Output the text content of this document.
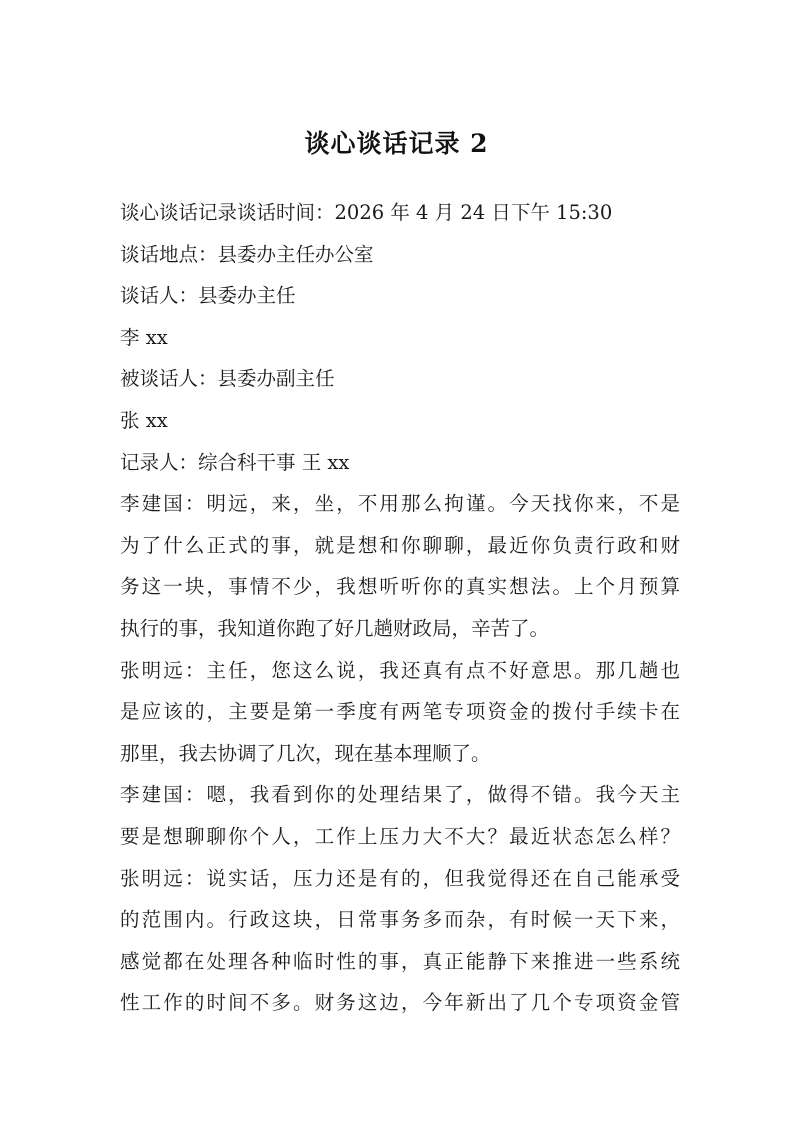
谈心谈话记录 2
谈心谈话记录谈话时间：2026 年 4 月 24 日下午 15:30
谈话地点：县委办主任办公室
谈话人：县委办主任
李 xx
被谈话人：县委办副主任
张 xx
记录人：综合科干事 王 xx
李建国：明远，来，坐，不用那么拘谨。今天找你来，不是
为了什么正式的事，就是想和你聊聊，最近你负责行政和财
务这一块，事情不少，我想听听你的真实想法。上个月预算
执行的事，我知道你跑了好几趟财政局，辛苦了。
张明远：主任，您这么说，我还真有点不好意思。那几趟也
是应该的，主要是第一季度有两笔专项资金的拨付手续卡在
那里，我去协调了几次，现在基本理顺了。
李建国：嗯，我看到你的处理结果了，做得不错。我今天主
要是想聊聊你个人，工作上压力大不大？最近状态怎么样？
张明远：说实话，压力还是有的，但我觉得还在自己能承受
的范围内。行政这块，日常事务多而杂，有时候一天下来，
感觉都在处理各种临时性的事，真正能静下来推进一些系统
性工作的时间不多。财务这边，今年新出了几个专项资金管
